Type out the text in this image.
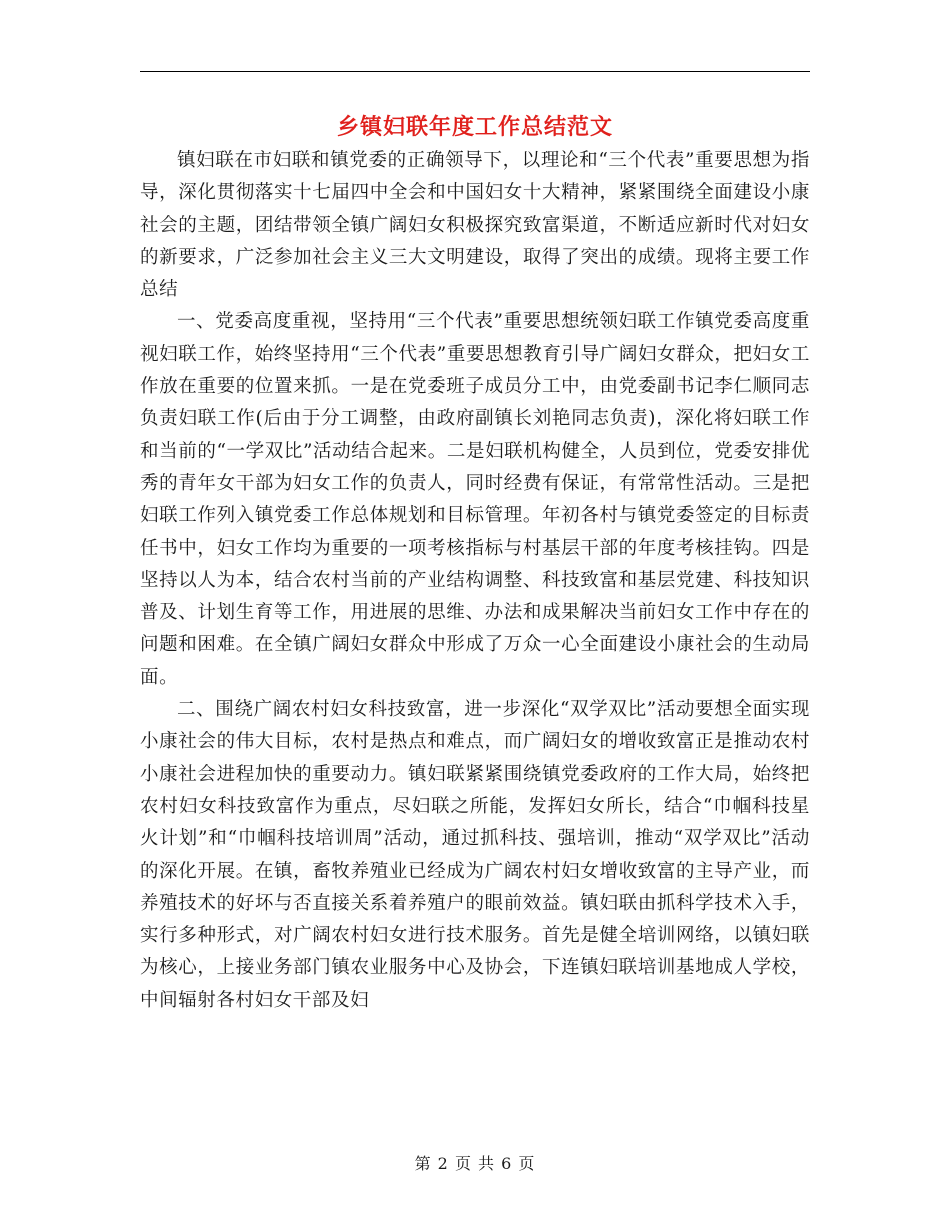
乡镇妇联年度工作总结范文

镇妇联在市妇联和镇党委的正确领导下，以理论和“三个代表”重要思想为指导，深化贯彻落实十七届四中全会和中国妇女十大精神，紧紧围绕全面建设小康社会的主题，团结带领全镇广阔妇女积极探究致富渠道，不断适应新时代对妇女的新要求，广泛参加社会主义三大文明建设，取得了突出的成绩。现将主要工作总结

一、党委高度重视，坚持用“三个代表”重要思想统领妇联工作镇党委高度重视妇联工作，始终坚持用“三个代表”重要思想教育引导广阔妇女群众，把妇女工作放在重要的位置来抓。一是在党委班子成员分工中，由党委副书记李仁顺同志负责妇联工作(后由于分工调整，由政府副镇长刘艳同志负责)，深化将妇联工作和当前的“一学双比”活动结合起来。二是妇联机构健全，人员到位，党委安排优秀的青年女干部为妇女工作的负责人，同时经费有保证，有常常性活动。三是把妇联工作列入镇党委工作总体规划和目标管理。年初各村与镇党委签定的目标责任书中，妇女工作均为重要的一项考核指标与村基层干部的年度考核挂钩。四是坚持以人为本，结合农村当前的产业结构调整、科技致富和基层党建、科技知识普及、计划生育等工作，用进展的思维、办法和成果解决当前妇女工作中存在的问题和困难。在全镇广阔妇女群众中形成了万众一心全面建设小康社会的生动局面。

二、围绕广阔农村妇女科技致富，进一步深化“双学双比”活动要想全面实现小康社会的伟大目标，农村是热点和难点，而广阔妇女的增收致富正是推动农村小康社会进程加快的重要动力。镇妇联紧紧围绕镇党委政府的工作大局，始终把农村妇女科技致富作为重点，尽妇联之所能，发挥妇女所长，结合“巾帼科技星火计划”和“巾帼科技培训周”活动，通过抓科技、强培训，推动“双学双比”活动的深化开展。在镇，畜牧养殖业已经成为广阔农村妇女增收致富的主导产业，而养殖技术的好坏与否直接关系着养殖户的眼前效益。镇妇联由抓科学技术入手，实行多种形式，对广阔农村妇女进行技术服务。首先是健全培训网络，以镇妇联为核心，上接业务部门镇农业服务中心及协会，下连镇妇联培训基地成人学校，中间辐射各村妇女干部及妇

第 2 页 共 6 页
